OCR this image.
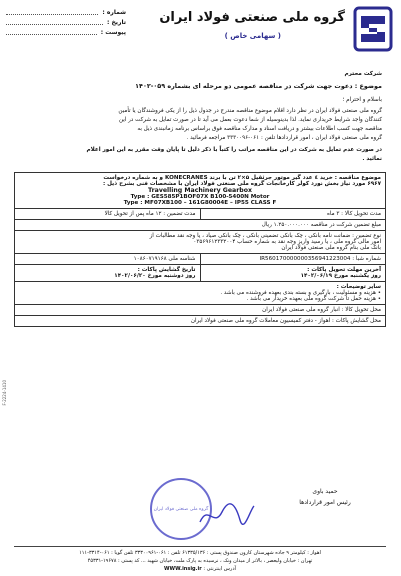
شماره :
تاریخ :
پیوست :
گروه ملی صنعتی فولاد ایران
( سهامی خاص )
شرکت محترم
موضوع : دعوت جهت شرکت در مناقصه عمومی دو مرحله ای بشماره ۰۵۹-۱۴۰۲
باسلام و احترام ؛
گروه ملی صنعتی فولاد ایران در نظر دارد اقلام موضوع مناقصه مندرج در جدول ذیل را از یکی فروشندگان یا تأمین
کنندگان واجد شرایط خریداری نماید. لذا بدینوسیله از شما دعوت بعمل می آید تا در صورت تمایل به شرکت در این
مناقصه جهت کسب اطلاعات بیشتر و دریافت اسناد و مدارک مناقصه فوق براساس برنامه زمانبندی ذیل به
گروه ملی صنعتی فولاد ایران ، امور قراردادها تلفن : ۰۶۱-۳۳۳۰۰۹۶ مراجعه فرمائید .
در صورت عدم تمایل به شرکت در این مناقصه مراتب را کتباً با ذکر دلیل تا پایان وقت مقرر به این امور اعلام
نمائید .
موضوع مناقصه : خرید ٤ عدد گیر موتور جرثقیل ۵×۲ تن با برند KONECRANES و به شماره درخواست
۶۹۶۷ مورد نیاز بخش نورد کولر کارخانجات گروه ملی صنعتی فولاد ایران با مشخصات فنی بشرح ذیل :
Travelling Machinery Gearbox
Type : GES585P1BOF07X B100-5400N Motor
Type : MF07XB100 – 161G80004E – IP55 CLASS F
مدت تحویل کالا : ۳ ماه
مدت تضمین : ۱۲ ماه پس از تحویل کالا
مبلغ تضمین شرکت در مناقصه ۱.۲۵۰.۰۰۰.۰۰۰ ریال
نوع تضمین : ضمانت نامه بانکی ، چک بانکی تضمینی بانکی ، چک بانکی صیاد ، یا وجه نقد مطالبات از
امور مالی گروه ملی ، یا رسید واریز وجه نقد به شماره حساب ۰۳۵۶۹۶۱۲۳۳۲۰۰۴
بانک ملی بنام گروه ملی صنعتی فولاد ایران
شماره شبا : IR560170000000356941223004
شناسه ملی ۱۰۸۶۰۷۱۹۱۶۸
آخرین مهلت تحویل پاکات :
روز یکشنبه مورخ ۱۴۰۲/۰۶/۱۹
تاریخ گشایش پاکات :
روز دوشنبه مورخ ۱۴۰۲/۰۶/۲۰
سایر توضیحات :
• هزینه و مسئولیت ، بارگیری و بسته بندی بعهده فروشنده می باشد .
• هزینه حمل تا شرکت گروه ملی بعهده خریدار می باشد .
محل تحویل کالا : انبار گروه ملی صنعتی فولاد ایران
محل گشایش پاکات : اهواز - دفتر کمیسیون معاملات گروه ملی صنعتی فولاد ایران
حمید باوی
رئیس امور قراردادها
گروه ملی صنعتی فولاد ایران
F-2224-1410
اهواز : کیلومتر ۹ جاده شهرستان کارون صندوق پستی : ۶۱۳۳۵/۱۳۶ تلفن : ۰۶۱-۳۳۳۰۰۹۶۱ تلفن گویا : ۰۶۱-۳۳۱۴-۱۱۱
تهران : خیابان ولیعصر ، بالاتر از میدان ونک ، نرسیده به پارک ملت، خیابان شهید ... کد پستی : ۱۹۶۷۸-۴۵۳۳۱
آدرس اینترنتی : WWW.insig.ir
